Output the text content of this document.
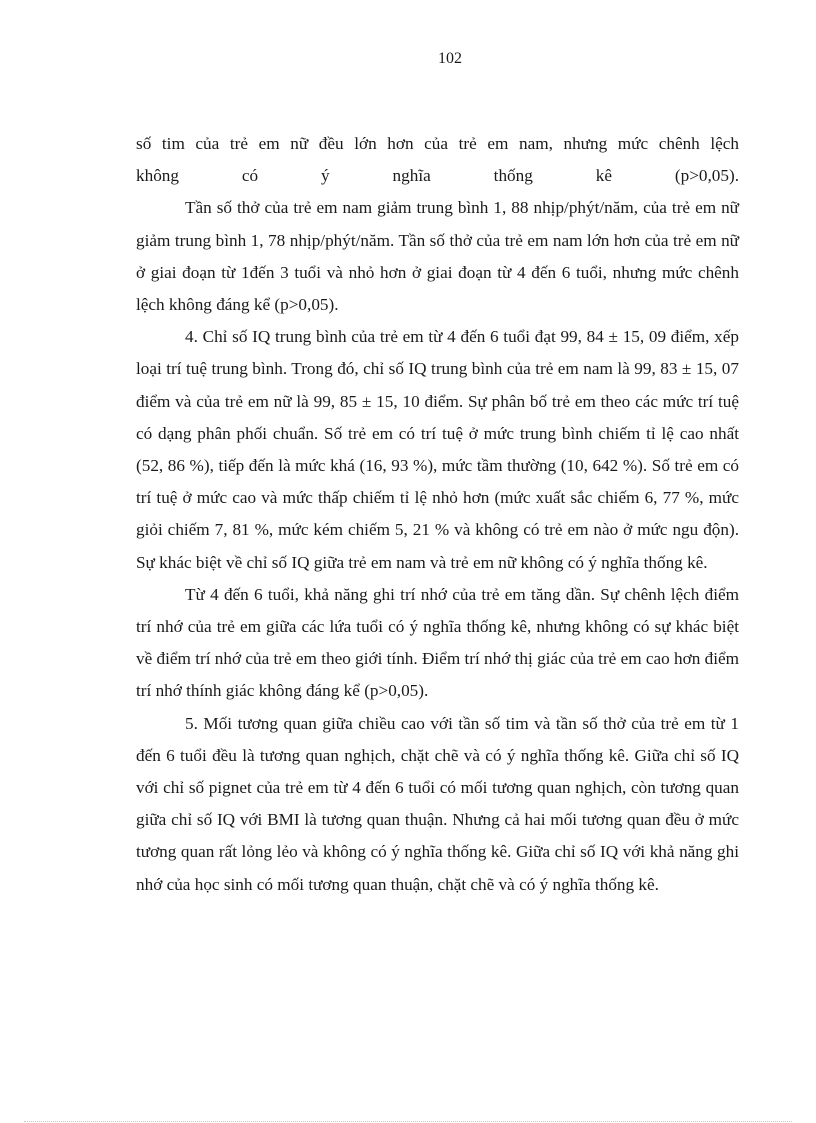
102

số tim của trẻ em nữ đều lớn hơn của trẻ em nam, nhưng mức chênh lệch

không có ý nghĩa thống kê (p>0,05).

Tần số thở của trẻ em nam giảm trung bình 1, 88 nhịp/phýt/năm, của trẻ em nữ giảm trung bình 1, 78 nhịp/phýt/năm. Tần số thở của trẻ em nam lớn hơn của trẻ em nữ ở giai đoạn từ 1đến 3 tuổi và nhỏ hơn ở giai đoạn từ 4 đến 6 tuổi, nhưng mức chênh lệch không đáng kể (p>0,05).

4. Chỉ số IQ trung bình của trẻ em từ 4 đến 6 tuổi đạt 99, 84 ± 15, 09 điểm, xếp loại trí tuệ trung bình. Trong đó, chỉ số IQ trung bình của trẻ em nam là 99, 83 ± 15, 07 điểm và của trẻ em nữ là 99, 85 ± 15, 10 điểm. Sự phân bố trẻ em theo các mức trí tuệ có dạng phân phối chuẩn. Số trẻ em có trí tuệ ở mức trung bình chiếm tỉ lệ cao nhất (52, 86 %), tiếp đến là mức khá (16, 93 %), mức tầm thường (10, 642 %). Số trẻ em có trí tuệ ở mức cao và mức thấp chiếm tỉ lệ nhỏ hơn (mức xuất sắc chiếm 6, 77 %, mức giỏi chiếm 7, 81 %, mức kém chiếm 5, 21 % và không có trẻ em nào ở mức ngu độn). Sự khác biệt về chỉ số IQ giữa trẻ em nam và trẻ em nữ không có ý nghĩa thống kê.

Từ 4 đến 6 tuổi, khả năng ghi trí nhớ của trẻ em tăng dần. Sự chênh lệch điểm trí nhớ của trẻ em giữa các lứa tuổi có ý nghĩa thống kê, nhưng không có sự khác biệt về điểm trí nhớ của trẻ em theo giới tính. Điểm trí nhớ thị giác của trẻ em cao hơn điểm trí nhớ thính giác không đáng kể (p>0,05).

5. Mối tương quan giữa chiều cao với tần số tim và tần số thở của trẻ em từ 1 đến 6 tuổi đều là tương quan nghịch, chặt chẽ và có ý nghĩa thống kê. Giữa chỉ số IQ với chỉ số pignet của trẻ em từ 4 đến 6 tuổi có mối tương quan nghịch, còn tương quan giữa chỉ số IQ với BMI là tương quan thuận. Nhưng cả hai mối tương quan đều ở mức tương quan rất lỏng lẻo và không có ý nghĩa thống kê. Giữa chỉ số IQ với khả năng ghi nhớ của học sinh có mối tương quan thuận, chặt chẽ và có ý nghĩa thống kê.
